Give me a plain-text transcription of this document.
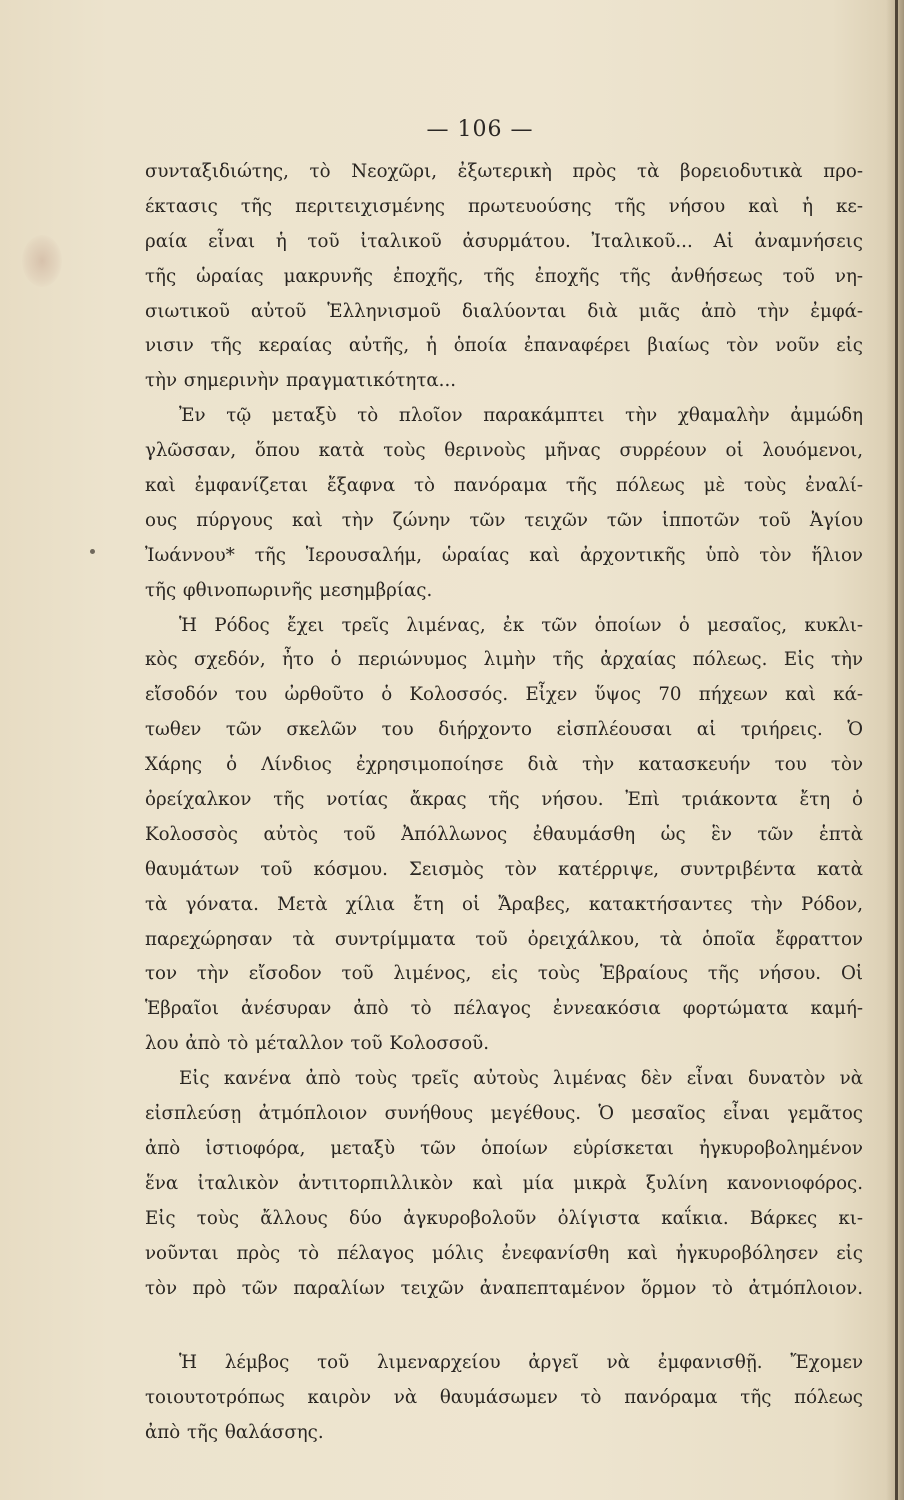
— 106 —
συνταξιδιώτης, τὸ Νεοχῶρι, ἐξωτερικὴ πρὸς τὰ βορειοδυτικὰ προ-
έκτασις τῆς περιτειχισμένης πρωτευούσης τῆς νήσου καὶ ἡ κε-
ραία εἶναι ἡ τοῦ ἰταλικοῦ ἀσυρμάτου. Ἰταλικοῦ... Αἱ ἀναμνήσεις
τῆς ὡραίας μακρυνῆς ἐποχῆς, τῆς ἐποχῆς τῆς ἀνθήσεως τοῦ νη-
σιωτικοῦ αὐτοῦ Ἑλληνισμοῦ διαλύονται διὰ μιᾶς ἀπὸ τὴν ἐμφά-
νισιν τῆς κεραίας αὐτῆς, ἡ ὁποία ἐπαναφέρει βιαίως τὸν νοῦν εἰς
τὴν σημερινὴν πραγματικότητα...
Ἐν τῷ μεταξὺ τὸ πλοῖον παρακάμπτει τὴν χθαμαλὴν ἀμμώδη
γλῶσσαν, ὅπου κατὰ τοὺς θερινοὺς μῆνας συρρέουν οἱ λουόμενοι,
καὶ ἐμφανίζεται ἔξαφνα τὸ πανόραμα τῆς πόλεως μὲ τοὺς ἐναλί-
ους πύργους καὶ τὴν ζώνην τῶν τειχῶν τῶν ἱπποτῶν τοῦ Ἁγίου
Ἰωάννου* τῆς Ἱερουσαλήμ, ὡραίας καὶ ἀρχοντικῆς ὑπὸ τὸν ἥλιον
τῆς φθινοπωρινῆς μεσημβρίας.
Ἡ Ρόδος ἔχει τρεῖς λιμένας, ἐκ τῶν ὁποίων ὁ μεσαῖος, κυκλι-
κὸς σχεδόν, ἦτο ὁ περιώνυμος λιμὴν τῆς ἀρχαίας πόλεως. Εἰς τὴν
εἴσοδόν του ὠρθοῦτο ὁ Κολοσσός. Εἶχεν ὕψος 70 πήχεων καὶ κά-
τωθεν τῶν σκελῶν του διήρχοντο εἰσπλέουσαι αἱ τριήρεις. Ὁ
Χάρης ὁ Λίνδιος ἐχρησιμοποίησε διὰ τὴν κατασκευήν του τὸν
ὀρείχαλκον τῆς νοτίας ἄκρας τῆς νήσου. Ἐπὶ τριάκοντα ἔτη ὁ
Κολοσσὸς αὐτὸς τοῦ Ἀπόλλωνος ἐθαυμάσθη ὡς ἓν τῶν ἑπτὰ
θαυμάτων τοῦ κόσμου. Σεισμὸς τὸν κατέρριψε, συντριβέντα κατὰ
τὰ γόνατα. Μετὰ χίλια ἔτη οἱ Ἄραβες, κατακτήσαντες τὴν Ρόδον,
παρεχώρησαν τὰ συντρίμματα τοῦ ὀρειχάλκου, τὰ ὁποῖα ἔφραττον
τον τὴν εἴσοδον τοῦ λιμένος, εἰς τοὺς Ἑβραίους τῆς νήσου. Οἱ
Ἑβραῖοι ἀνέσυραν ἀπὸ τὸ πέλαγος ἐννεακόσια φορτώματα καμή-
λου ἀπὸ τὸ μέταλλον τοῦ Κολοσσοῦ.
Εἰς κανένα ἀπὸ τοὺς τρεῖς αὐτοὺς λιμένας δὲν εἶναι δυνατὸν νὰ
εἰσπλεύσῃ ἀτμόπλοιον συνήθους μεγέθους. Ὁ μεσαῖος εἶναι γεμᾶτος
ἀπὸ ἱστιοφόρα, μεταξὺ τῶν ὁποίων εὑρίσκεται ἠγκυροβολημένον
ἕνα ἰταλικὸν ἀντιτορπιλλικὸν καὶ μία μικρὰ ξυλίνη κανονιοφόρος.
Εἰς τοὺς ἄλλους δύο ἀγκυροβολοῦν ὀλίγιστα καΐκια. Βάρκες κι-
νοῦνται πρὸς τὸ πέλαγος μόλις ἐνεφανίσθη καὶ ἠγκυροβόλησεν εἰς
τὸν πρὸ τῶν παραλίων τειχῶν ἀναπεπταμένον ὅρμον τὸ ἀτμόπλοιον.
Ἡ λέμβος τοῦ λιμεναρχείου ἀργεῖ νὰ ἐμφανισθῇ. Ἔχομεν
τοιουτοτρόπως καιρὸν νὰ θαυμάσωμεν τὸ πανόραμα τῆς πόλεως
ἀπὸ τῆς θαλάσσης.
